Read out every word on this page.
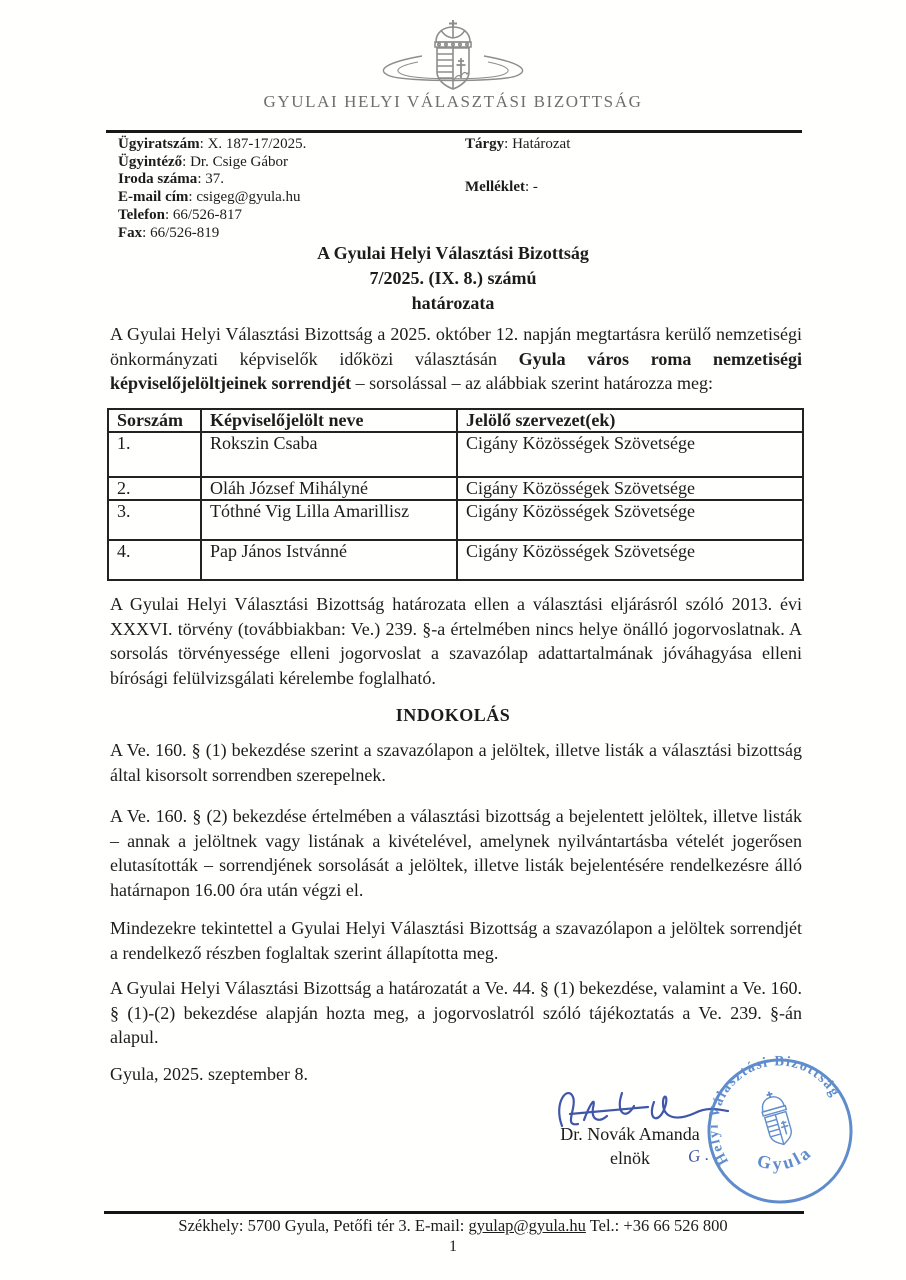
GYULAI HELYI VÁLASZTÁSI BIZOTTSÁG
Ügyiratszám: X. 187-17/2025.
Ügyintéző: Dr. Csige Gábor
Iroda száma: 37.
E-mail cím: csigeg@gyula.hu
Telefon: 66/526-817
Fax: 66/526-819
Tárgy: Határozat
Melléklet: -
A Gyulai Helyi Választási Bizottság
7/2025. (IX. 8.) számú
határozata
A Gyulai Helyi Választási Bizottság a 2025. október 12. napján megtartásra kerülő nemzetiségi önkormányzati képviselők időközi választásán Gyula város roma nemzetiségi képviselőjelöltjeinek sorrendjét – sorsolással – az alábbiak szerint határozza meg:
Sorszám	Képviselőjelölt neve	Jelölő szervezet(ek)
1.	Rokszin Csaba	Cigány Közösségek Szövetsége
2.	Oláh József Mihályné	Cigány Közösségek Szövetsége
3.	Tóthné Vig Lilla Amarillisz	Cigány Közösségek Szövetsége
4.	Pap János Istvánné	Cigány Közösségek Szövetsége
A Gyulai Helyi Választási Bizottság határozata ellen a választási eljárásról szóló 2013. évi XXXVI. törvény (továbbiakban: Ve.) 239. §-a értelmében nincs helye önálló jogorvoslatnak. A sorsolás törvényessége elleni jogorvoslat a szavazólap adattartalmának jóváhagyása elleni bírósági felülvizsgálati kérelembe foglalható.
INDOKOLÁS
A Ve. 160. § (1) bekezdése szerint a szavazólapon a jelöltek, illetve listák a választási bizottság által kisorsolt sorrendben szerepelnek.
A Ve. 160. § (2) bekezdése értelmében a választási bizottság a bejelentett jelöltek, illetve listák – annak a jelöltnek vagy listának a kivételével, amelynek nyilvántartásba vételét jogerősen elutasították – sorrendjének sorsolását a jelöltek, illetve listák bejelentésére rendelkezésre álló határnapon 16.00 óra után végzi el.
Mindezekre tekintettel a Gyulai Helyi Választási Bizottság a szavazólapon a jelöltek sorrendjét a rendelkező részben foglaltak szerint állapította meg.
A Gyulai Helyi Választási Bizottság a határozatát a Ve. 44. § (1) bekezdése, valamint a Ve. 160. § (1)-(2) bekezdése alapján hozta meg, a jogorvoslatról szóló tájékoztatás a Ve. 239. §-án alapul.
Gyula, 2025. szeptember 8.
Dr. Novák Amanda
elnök	G . Helyi Választási Bizottság
Gyula
Székhely: 5700 Gyula, Petőfi tér 3. E-mail: gyulap@gyula.hu Tel.: +36 66 526 800
1
